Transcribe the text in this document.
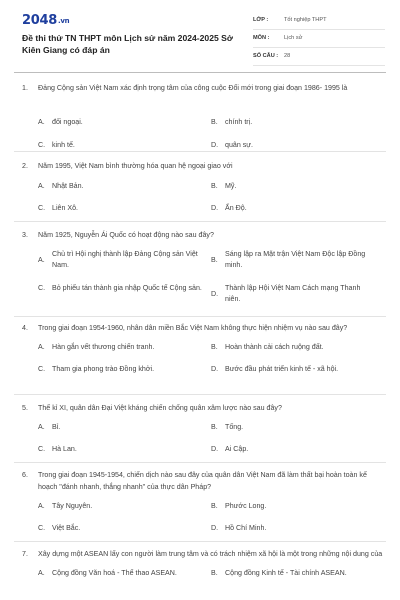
2048.vn
Đề thi thử TN THPT môn Lịch sử năm 2024-2025 Sở Kiên Giang có đáp án
LỚP :	Tốt nghiệp THPT
MÔN :	Lịch sử
SỐ CÂU : 28
1.	Đảng Cộng sản Việt Nam xác định trọng tâm của công cuộc Đổi mới trong giai đoạn 1986- 1995 là
A.	đối ngoại.	B.	chính trị.
C. kinh tế.	D. quân sự.
2.	Năm 1995, Việt Nam bình thường hóa quan hệ ngoại giao với
A.	Nhật Bản.	B.	Mỹ.
C. Liên Xô.	D. Ấn Độ.
3.	Năm 1925, Nguyễn Ái Quốc có hoạt động nào sau đây?
A.
Chủ trì Hội nghị thành lập Đảng Cộng sản Việt Nam.
B.
Sáng lập ra Mặt trận Việt Nam Độc lập Đồng minh.
C. Bỏ phiếu tán thành gia nhập Quốc tế Cộng sản.
D.
Thành lập Hội Việt Nam Cách mạng Thanh niên.
4.	Trong giai đoạn 1954-1960, nhân dân miền Bắc Việt Nam không thực hiện nhiệm vụ nào sau đây?
A.	Hàn gắn vết thương chiến tranh.	B.	Hoàn thành cải cách ruộng đất.
C. Tham gia phong trào Đồng khởi.	D. Bước đầu phát triển kinh tế - xã hội.
5.	Thế kỉ XI, quân dân Đại Việt kháng chiến chống quân xâm lược nào sau đây?
A.	Bỉ.	B.	Tống.
C. Hà Lan.	D. Ai Cập.
6.	Trong giai đoạn 1945-1954, chiến dịch nào sau đây của quân dân Việt Nam đã làm thất bại hoàn toàn kế hoạch "đánh nhanh, thắng nhanh" của thực dân Pháp?
A.	Tây Nguyên.	B.	Phước Long.
C. Việt Bắc.	D. Hồ Chí Minh.
7.	Xây dựng một ASEAN lấy con người làm trung tâm và có trách nhiệm xã hội là một trong những nội dung của
A.	Cộng đồng Văn hoá - Thể thao ASEAN.	B.	Cộng đồng Kinh tế - Tài chính ASEAN.
